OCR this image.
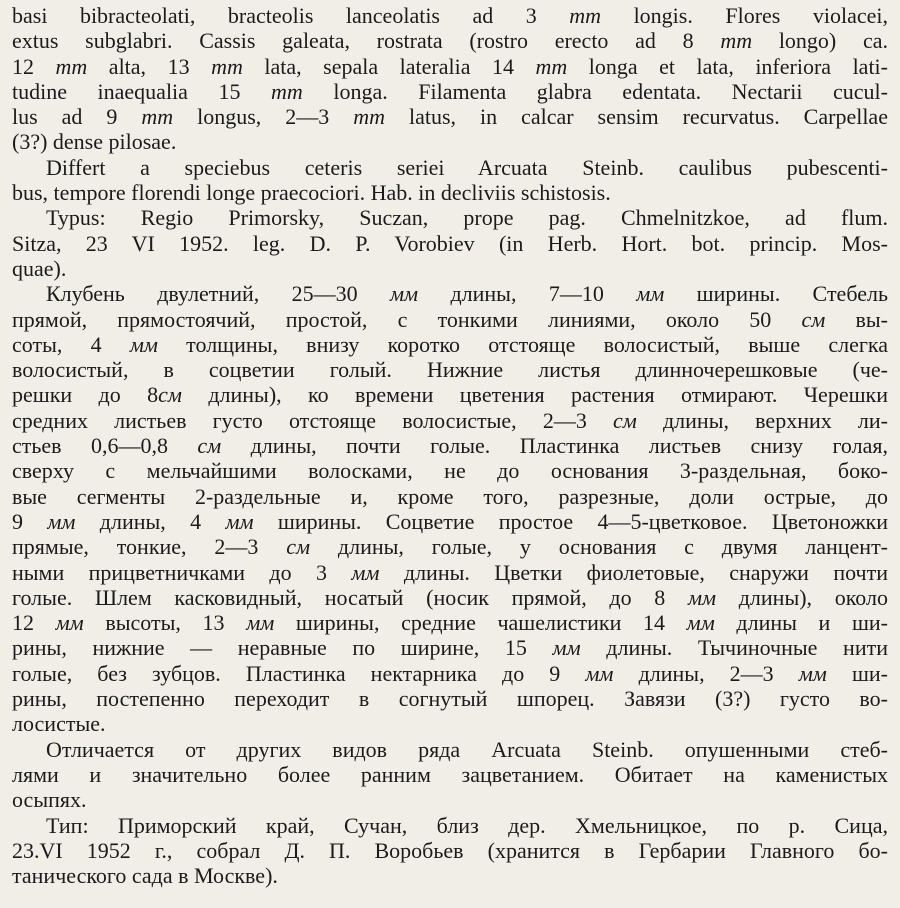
basi bibracteolati, bracteolis lanceolatis ad 3 mm longis. Flores violacei,
extus subglabri. Cassis galeata, rostrata (rostro erecto ad 8 mm longo) ca.
12 mm alta, 13 mm lata, sepala lateralia 14 mm longa et lata, inferiora lati-
tudine inaequalia 15 mm longa. Filamenta glabra edentata. Nectarii cucul-
lus ad 9 mm longus, 2—3 mm latus, in calcar sensim recurvatus. Carpellae
(3?) dense pilosae.
Differt a speciebus ceteris seriei Arcuata Steinb. caulibus pubescenti-
bus, tempore florendi longe praecociori. Hab. in decliviis schistosis.
Typus: Regio Primorsky, Suczan, prope pag. Chmelnitzkoe, ad flum.
Sitza, 23 VI 1952. leg. D. P. Vorobiev (in Herb. Hort. bot. princip. Mos-
quae).
Клубень двулетний, 25—30 мм длины, 7—10 мм ширины. Стебель
прямой, прямостоячий, простой, с тонкими линиями, около 50 см вы-
соты, 4 мм толщины, внизу коротко отстояще волосистый, выше слегка
волосистый, в соцветии голый. Нижние листья длинночерешковые (че-
решки до 8см длины), ко времени цветения растения отмирают. Черешки
средних листьев густо отстояще волосистые, 2—3 см длины, верхних ли-
стьев 0,6—0,8 см длины, почти голые. Пластинка листьев снизу голая,
сверху с мельчайшими волосками, не до основания 3-раздельная, боко-
вые сегменты 2-раздельные и, кроме того, разрезные, доли острые, до
9 мм длины, 4 мм ширины. Соцветие простое 4—5-цветковое. Цветоножки
прямые, тонкие, 2—3 см длины, голые, у основания с двумя ланцент-
ными прицветничками до 3 мм длины. Цветки фиолетовые, снаружи почти
голые. Шлем касковидный, носатый (носик прямой, до 8 мм длины), около
12 мм высоты, 13 мм ширины, средние чашелистики 14 мм длины и ши-
рины, нижние — неравные по ширине, 15 мм длины. Тычиночные нити
голые, без зубцов. Пластинка нектарника до 9 мм длины, 2—3 мм ши-
рины, постепенно переходит в согнутый шпорец. Завязи (3?) густо во-
лосистые.
Отличается от других видов ряда Arcuata Steinb. опушенными стеб-
лями и значительно более ранним зацветанием. Обитает на каменистых
осыпях.
Тип: Приморский край, Сучан, близ дер. Хмельницкое, по р. Сица,
23.VI 1952 г., собрал Д. П. Воробьев (хранится в Гербарии Главного бо-
танического сада в Москве).
